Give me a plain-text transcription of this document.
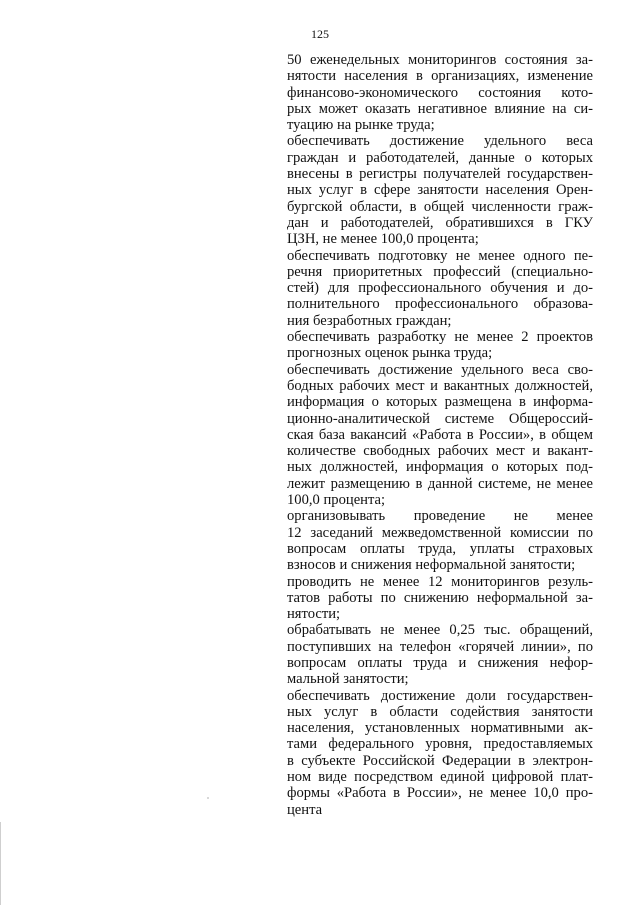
125
50 еженедельных мониторингов состояния за-
нятости населения в организациях, изменение
финансово-экономического состояния кото-
рых может оказать негативное влияние на си-
туацию на рынке труда;
обеспечивать достижение удельного веса
граждан и работодателей, данные о которых
внесены в регистры получателей государствен-
ных услуг в сфере занятости населения Орен-
бургской области, в общей численности граж-
дан и работодателей, обратившихся в ГКУ
ЦЗН, не менее 100,0 процента;
обеспечивать подготовку не менее одного пе-
речня приоритетных профессий (специально-
стей) для профессионального обучения и до-
полнительного профессионального образова-
ния безработных граждан;
обеспечивать разработку не менее 2 проектов
прогнозных оценок рынка труда;
обеспечивать достижение удельного веса сво-
бодных рабочих мест и вакантных должностей,
информация о которых размещена в информа-
ционно-аналитической системе Общероссий-
ская база вакансий «Работа в России», в общем
количестве свободных рабочих мест и вакант-
ных должностей, информация о которых под-
лежит размещению в данной системе, не менее
100,0 процента;
организовывать проведение не менее
12 заседаний межведомственной комиссии по
вопросам оплаты труда, уплаты страховых
взносов и снижения неформальной занятости;
проводить не менее 12 мониторингов резуль-
татов работы по снижению неформальной за-
нятости;
обрабатывать не менее 0,25 тыс. обращений,
поступивших на телефон «горячей линии», по
вопросам оплаты труда и снижения нефор-
мальной занятости;
обеспечивать достижение доли государствен-
ных услуг в области содействия занятости
населения, установленных нормативными ак-
тами федерального уровня, предоставляемых
в субъекте Российской Федерации в электрон-
ном виде посредством единой цифровой плат-
формы «Работа в России», не менее 10,0 про-
цента
